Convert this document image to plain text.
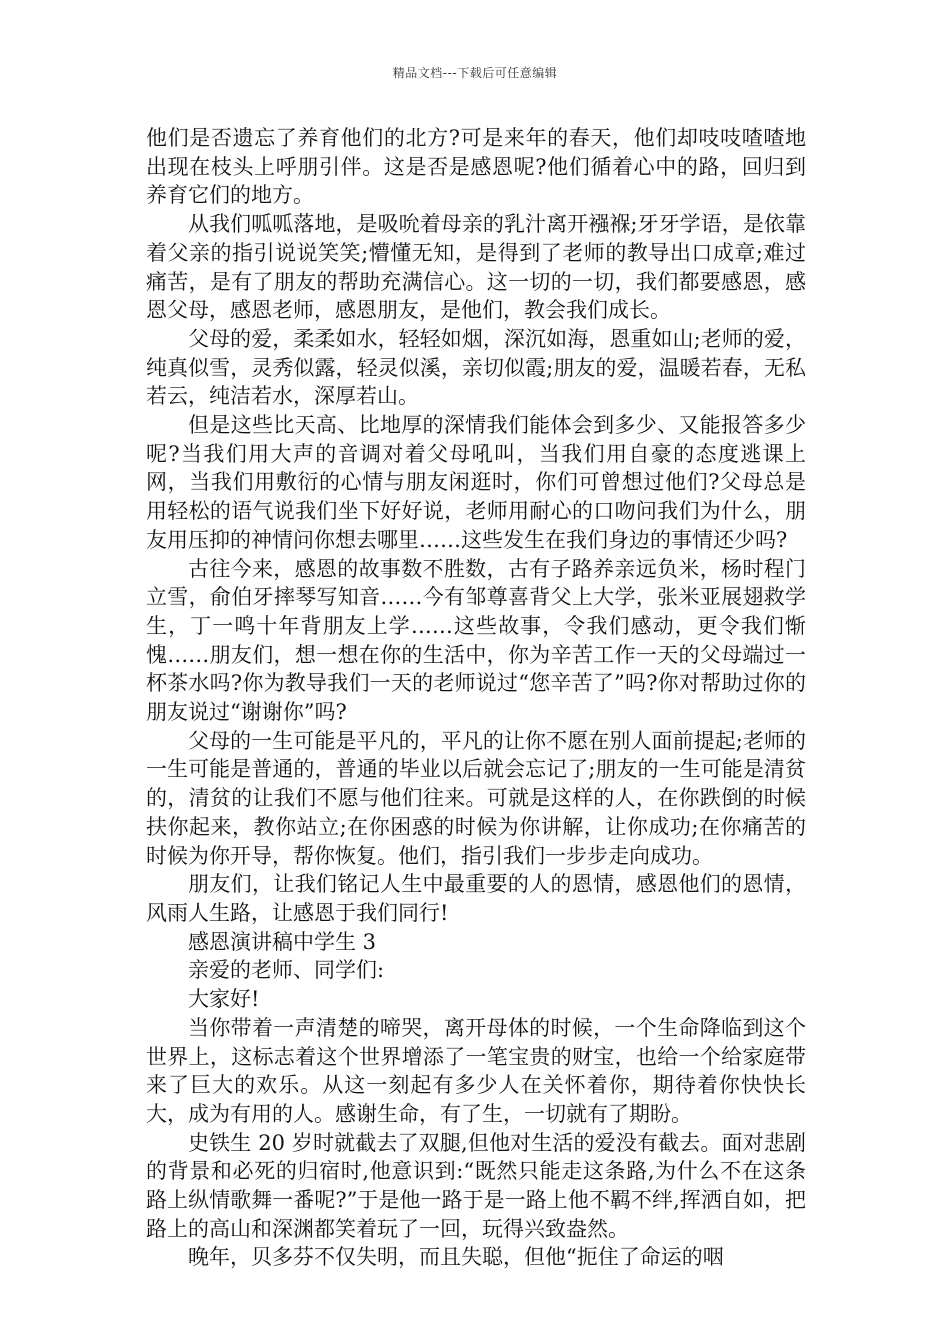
精品文档---下载后可任意编辑

他们是否遗忘了养育他们的北方?可是来年的春天，他们却吱吱喳喳地出现在枝头上呼朋引伴。这是否是感恩呢?他们循着心中的路，回归到养育它们的地方。

从我们呱呱落地，是吸吮着母亲的乳汁离开襁褓;牙牙学语，是依靠着父亲的指引说说笑笑;懵懂无知，是得到了老师的教导出口成章;难过痛苦，是有了朋友的帮助充满信心。这一切的一切，我们都要感恩，感恩父母，感恩老师，感恩朋友，是他们，教会我们成长。

父母的爱，柔柔如水，轻轻如烟，深沉如海，恩重如山;老师的爱，纯真似雪，灵秀似露，轻灵似溪，亲切似霞;朋友的爱，温暖若春，无私若云，纯洁若水，深厚若山。

但是这些比天高、比地厚的深情我们能体会到多少、又能报答多少呢?当我们用大声的音调对着父母吼叫，当我们用自豪的态度逃课上网，当我们用敷衍的心情与朋友闲逛时，你们可曾想过他们?父母总是用轻松的语气说我们坐下好好说，老师用耐心的口吻问我们为什么，朋友用压抑的神情问你想去哪里……这些发生在我们身边的事情还少吗?

古往今来，感恩的故事数不胜数，古有子路养亲远负米，杨时程门立雪，俞伯牙摔琴写知音……今有邹尊喜背父上大学，张米亚展翅救学生，丁一鸣十年背朋友上学……这些故事，令我们感动，更令我们惭愧……朋友们，想一想在你的生活中，你为辛苦工作一天的父母端过一杯茶水吗?你为教导我们一天的老师说过“您辛苦了”吗?你对帮助过你的朋友说过“谢谢你”吗?

父母的一生可能是平凡的，平凡的让你不愿在别人面前提起;老师的一生可能是普通的，普通的毕业以后就会忘记了;朋友的一生可能是清贫的，清贫的让我们不愿与他们往来。可就是这样的人，在你跌倒的时候扶你起来，教你站立;在你困惑的时候为你讲解，让你成功;在你痛苦的时候为你开导，帮你恢复。他们，指引我们一步步走向成功。

朋友们，让我们铭记人生中最重要的人的恩情，感恩他们的恩情，风雨人生路，让感恩于我们同行!

感恩演讲稿中学生 3

亲爱的老师、同学们:

大家好!

当你带着一声清楚的啼哭，离开母体的时候，一个生命降临到这个世界上，这标志着这个世界增添了一笔宝贵的财宝，也给一个给家庭带来了巨大的欢乐。从这一刻起有多少人在关怀着你，期待着你快快长大，成为有用的人。感谢生命，有了生，一切就有了期盼。

史铁生 20 岁时就截去了双腿,但他对生活的爱没有截去。面对悲剧的背景和必死的归宿时,他意识到:“既然只能走这条路,为什么不在这条路上纵情歌舞一番呢?”于是他一路于是一路上他不羁不绊,挥洒自如，把路上的高山和深渊都笑着玩了一回，玩得兴致盎然。

晚年，贝多芬不仅失明，而且失聪，但他“扼住了命运的咽
